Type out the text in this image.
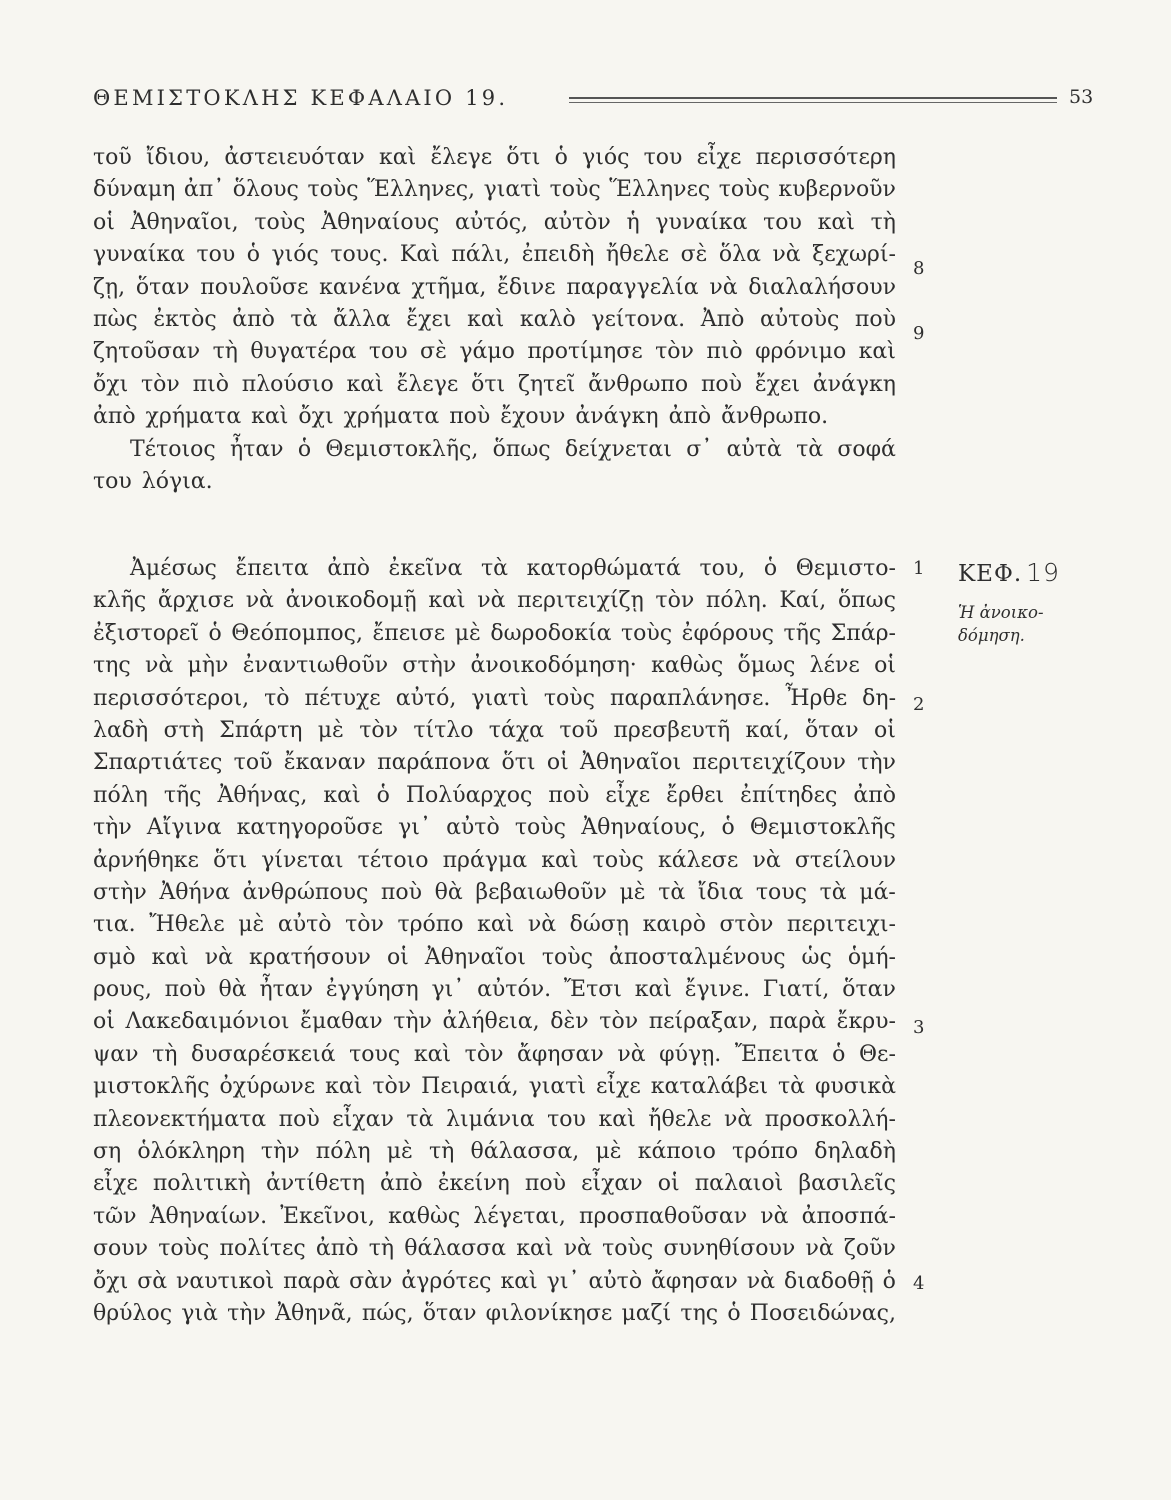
ΘΕΜΙΣΤΟΚΛΗΣ ΚΕΦΑΛΑΙΟ 19.	53
τοῦ ἴδιου, ἀστειευόταν καὶ ἔλεγε ὅτι ὁ γιός του εἶχε περισσότερη
δύναμη ἀπ᾽ ὅλους τοὺς Ἕλληνες, γιατὶ τοὺς Ἕλληνες τοὺς κυβερνοῦν
οἱ Ἀθηναῖοι, τοὺς Ἀθηναίους αὐτός, αὐτὸν ἡ γυναίκα του καὶ τὴ
γυναίκα του ὁ γιός τους. Καὶ πάλι, ἐπειδὴ ἤθελε σὲ ὅλα νὰ ξεχωρί-
ζῃ, ὅταν πουλοῦσε κανένα χτῆμα, ἔδινε παραγγελία νὰ διαλαλήσουν
πὼς ἐκτὸς ἀπὸ τὰ ἄλλα ἔχει καὶ καλὸ γείτονα. Ἀπὸ αὐτοὺς ποὺ
ζητοῦσαν τὴ θυγατέρα του σὲ γάμο προτίμησε τὸν πιὸ φρόνιμο καὶ
ὄχι τὸν πιὸ πλούσιο καὶ ἔλεγε ὅτι ζητεῖ ἄνθρωπο ποὺ ἔχει ἀνάγκη
ἀπὸ χρήματα καὶ ὄχι χρήματα ποὺ ἔχουν ἀνάγκη ἀπὸ ἄνθρωπο.
Τέτοιος ἦταν ὁ Θεμιστοκλῆς, ὅπως δείχνεται σ᾽ αὐτὰ τὰ σοφά
του λόγια.
8
9
Ἀμέσως ἔπειτα ἀπὸ ἐκεῖνα τὰ κατορθώματά του, ὁ Θεμιστο-
κλῆς ἄρχισε νὰ ἀνοικοδομῇ καὶ νὰ περιτειχίζῃ τὸν πόλη. Καί, ὅπως
ἐξιστορεῖ ὁ Θεόπομπος, ἔπεισε μὲ δωροδοκία τοὺς ἐφόρους τῆς Σπάρ-
της νὰ μὴν ἐναντιωθοῦν στὴν ἀνοικοδόμηση· καθὼς ὅμως λένε οἱ
περισσότεροι, τὸ πέτυχε αὐτό, γιατὶ τοὺς παραπλάνησε. Ἦρθε δη-
λαδὴ στὴ Σπάρτη μὲ τὸν τίτλο τάχα τοῦ πρεσβευτῆ καί, ὅταν οἱ
Σπαρτιάτες τοῦ ἔκαναν παράπονα ὅτι οἱ Ἀθηναῖοι περιτειχίζουν τὴν
πόλη τῆς Ἀθήνας, καὶ ὁ Πολύαρχος ποὺ εἶχε ἔρθει ἐπίτηδες ἀπὸ
τὴν Αἴγινα κατηγοροῦσε γι᾽ αὐτὸ τοὺς Ἀθηναίους, ὁ Θεμιστοκλῆς
ἀρνήθηκε ὅτι γίνεται τέτοιο πράγμα καὶ τοὺς κάλεσε νὰ στείλουν
στὴν Ἀθήνα ἀνθρώπους ποὺ θὰ βεβαιωθοῦν μὲ τὰ ἴδια τους τὰ μά-
τια. Ἤθελε μὲ αὐτὸ τὸν τρόπο καὶ νὰ δώσῃ καιρὸ στὸν περιτειχι-
σμὸ καὶ νὰ κρατήσουν οἱ Ἀθηναῖοι τοὺς ἀποσταλμένους ὡς ὁμή-
ρους, ποὺ θὰ ἦταν ἐγγύηση γι᾽ αὐτόν. Ἔτσι καὶ ἔγινε. Γιατί, ὅταν
οἱ Λακεδαιμόνιοι ἔμαθαν τὴν ἀλήθεια, δὲν τὸν πείραξαν, παρὰ ἔκρυ-
ψαν τὴ δυσαρέσκειά τους καὶ τὸν ἄφησαν νὰ φύγῃ. Ἔπειτα ὁ Θε-
μιστοκλῆς ὀχύρωνε καὶ τὸν Πειραιά, γιατὶ εἶχε καταλάβει τὰ φυσικὰ
πλεονεκτήματα ποὺ εἶχαν τὰ λιμάνια του καὶ ἤθελε νὰ προσκολλή-
ση ὁλόκληρη τὴν πόλη μὲ τὴ θάλασσα, μὲ κάποιο τρόπο δηλαδὴ
εἶχε πολιτικὴ ἀντίθετη ἀπὸ ἐκείνη ποὺ εἶχαν οἱ παλαιοὶ βασιλεῖς
τῶν Ἀθηναίων. Ἐκεῖνοι, καθὼς λέγεται, προσπαθοῦσαν νὰ ἀποσπά-
σουν τοὺς πολίτες ἀπὸ τὴ θάλασσα καὶ νὰ τοὺς συνηθίσουν νὰ ζοῦν
ὄχι σὰ ναυτικοὶ παρὰ σὰν ἀγρότες καὶ γι᾽ αὐτὸ ἄφησαν νὰ διαδοθῇ ὁ
θρύλος γιὰ τὴν Ἀθηνᾶ, πώς, ὅταν φιλονίκησε μαζί της ὁ Ποσειδώνας,
1
2
3
4
ΚΕΦ. 19
Ἡ ἀνοικο-δόμηση.
